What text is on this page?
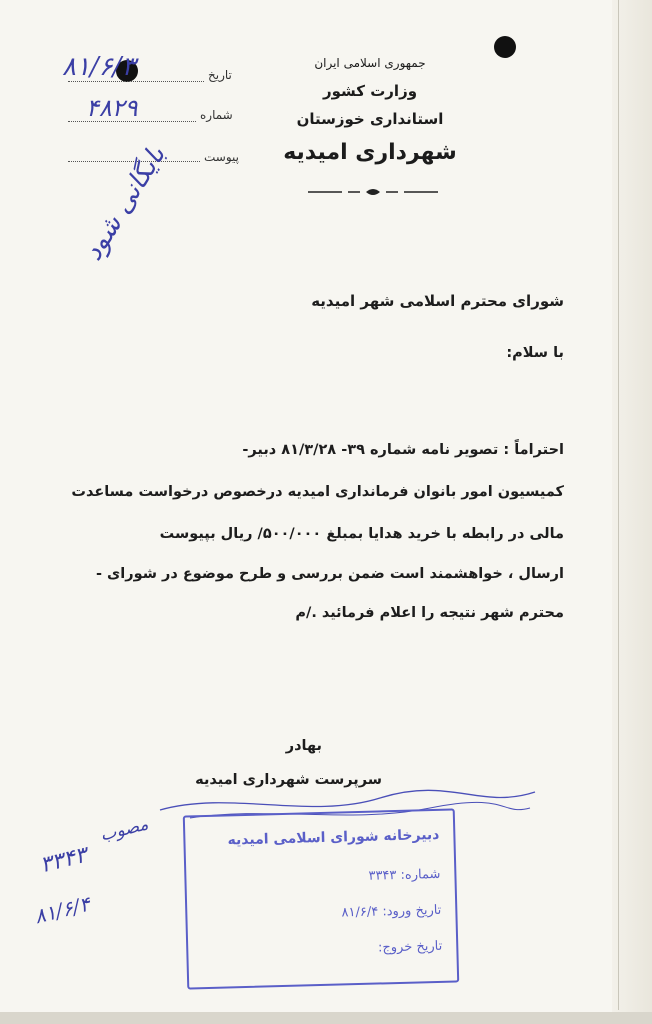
جمهوری اسلامی ایران
وزارت کشور
استانداری خوزستان
شهرداری امیدیه
تاریخ
شماره
پیوست
۸۱/۶/۳
۴۸۲۹
بایگانی شود
شورای محترم اسلامی شهر امیدیه
با سلام:
احتراماً : تصویر نامه شماره ۳۹- ۸۱/۳/۲۸ دبیر-
کمیسیون امور بانوان فرمانداری امیدیه درخصوص درخواست مساعدت
مالی در رابطه با خرید هدایا بمبلغ ۵۰۰/۰۰۰/ ریال بپیوست
ارسال ، خواهشمند است ضمن بررسی و طرح موضوع در شورای -
محترم شهر نتیجه را اعلام فرمائید ./م
بهادر
سرپرست شهرداری امیدیه
۳۳۴۳
۸۱/۶/۴
مصوب	دبیرخانه شورای اسلامی امیدیه
شماره: ۳۳۴۳
تاریخ ورود: ۸۱/۶/۴
تاریخ خروج:
